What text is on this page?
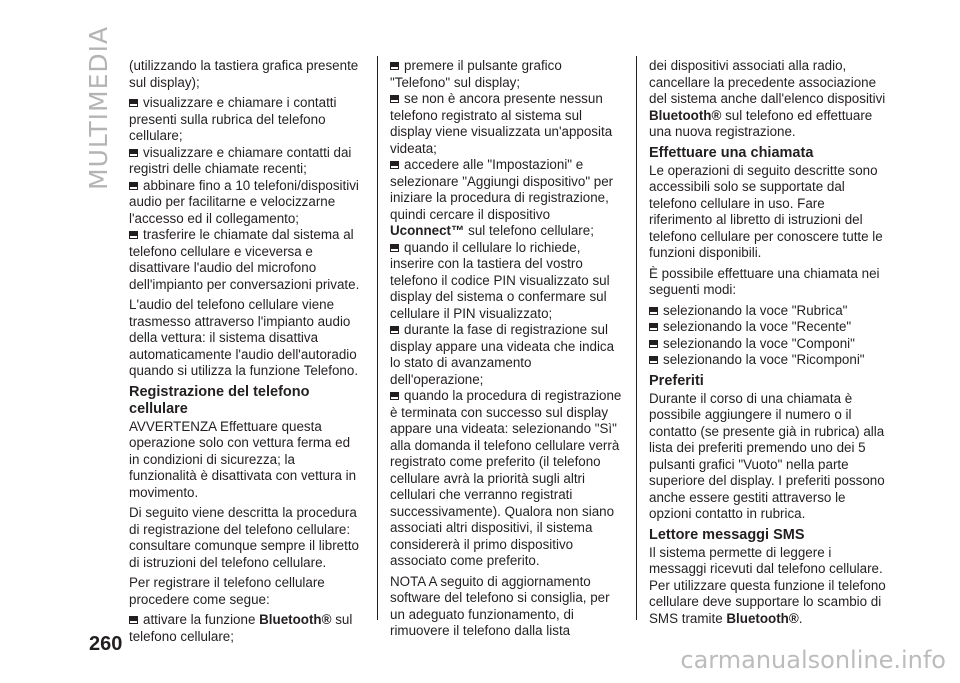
MULTIMEDIA (utilizzando la tastiera grafica presente sul display);

visualizzare e chiamare i contatti presenti sulla rubrica del telefono cellulare;
visualizzare e chiamare contatti dai registri delle chiamate recenti;
abbinare fino a 10 telefoni/dispositivi audio per facilitarne e velocizzarne l'accesso ed il collegamento;
trasferire le chiamate dal sistema al telefono cellulare e viceversa e disattivare l'audio del microfono dell'impianto per conversazioni private.

L'audio del telefono cellulare viene trasmesso attraverso l'impianto audio della vettura: il sistema disattiva automaticamente l'audio dell'autoradio quando si utilizza la funzione Telefono.

Registrazione del telefono cellulare

AVVERTENZA Effettuare questa operazione solo con vettura ferma ed in condizioni di sicurezza; la funzionalità è disattivata con vettura in movimento.

Di seguito viene descritta la procedura di registrazione del telefono cellulare: consultare comunque sempre il libretto di istruzioni del telefono cellulare.

Per registrare il telefono cellulare procedere come segue:

attivare la funzione Bluetooth® sul telefono cellulare;
premere il pulsante grafico "Telefono" sul display;
se non è ancora presente nessun telefono registrato al sistema sul display viene visualizzata un'apposita videata;
accedere alle "Impostazioni" e selezionare "Aggiungi dispositivo" per iniziare la procedura di registrazione, quindi cercare il dispositivo Uconnect™ sul telefono cellulare;
quando il cellulare lo richiede, inserire con la tastiera del vostro telefono il codice PIN visualizzato sul display del sistema o confermare sul cellulare il PIN visualizzato;
durante la fase di registrazione sul display appare una videata che indica lo stato di avanzamento dell'operazione;
quando la procedura di registrazione è terminata con successo sul display appare una videata: selezionando "Sì" alla domanda il telefono cellulare verrà registrato come preferito (il telefono cellulare avrà la priorità sugli altri cellulari che verranno registrati successivamente). Qualora non siano associati altri dispositivi, il sistema considererà il primo dispositivo associato come preferito.

NOTA A seguito di aggiornamento software del telefono si consiglia, per un adeguato funzionamento, di rimuovere il telefono dalla lista

dei dispositivi associati alla radio, cancellare la precedente associazione del sistema anche dall'elenco dispositivi Bluetooth® sul telefono ed effettuare una nuova registrazione.

Effettuare una chiamata

Le operazioni di seguito descritte sono accessibili solo se supportate dal telefono cellulare in uso. Fare riferimento al libretto di istruzioni del telefono cellulare per conoscere tutte le funzioni disponibili.

È possibile effettuare una chiamata nei seguenti modi:

selezionando la voce "Rubrica"
selezionando la voce "Recente"
selezionando la voce "Componi"
selezionando la voce "Ricomponi"
Preferiti

Durante il corso di una chiamata è possibile aggiungere il numero o il contatto (se presente già in rubrica) alla lista dei preferiti premendo uno dei 5 pulsanti grafici "Vuoto" nella parte superiore del display. I preferiti possono anche essere gestiti attraverso le opzioni contatto in rubrica.

Lettore messaggi SMS

Il sistema permette di leggere i messaggi ricevuti dal telefono cellulare. Per utilizzare questa funzione il telefono cellulare deve supportare lo scambio di SMS tramite Bluetooth®.

260
carmanualsonline.info
